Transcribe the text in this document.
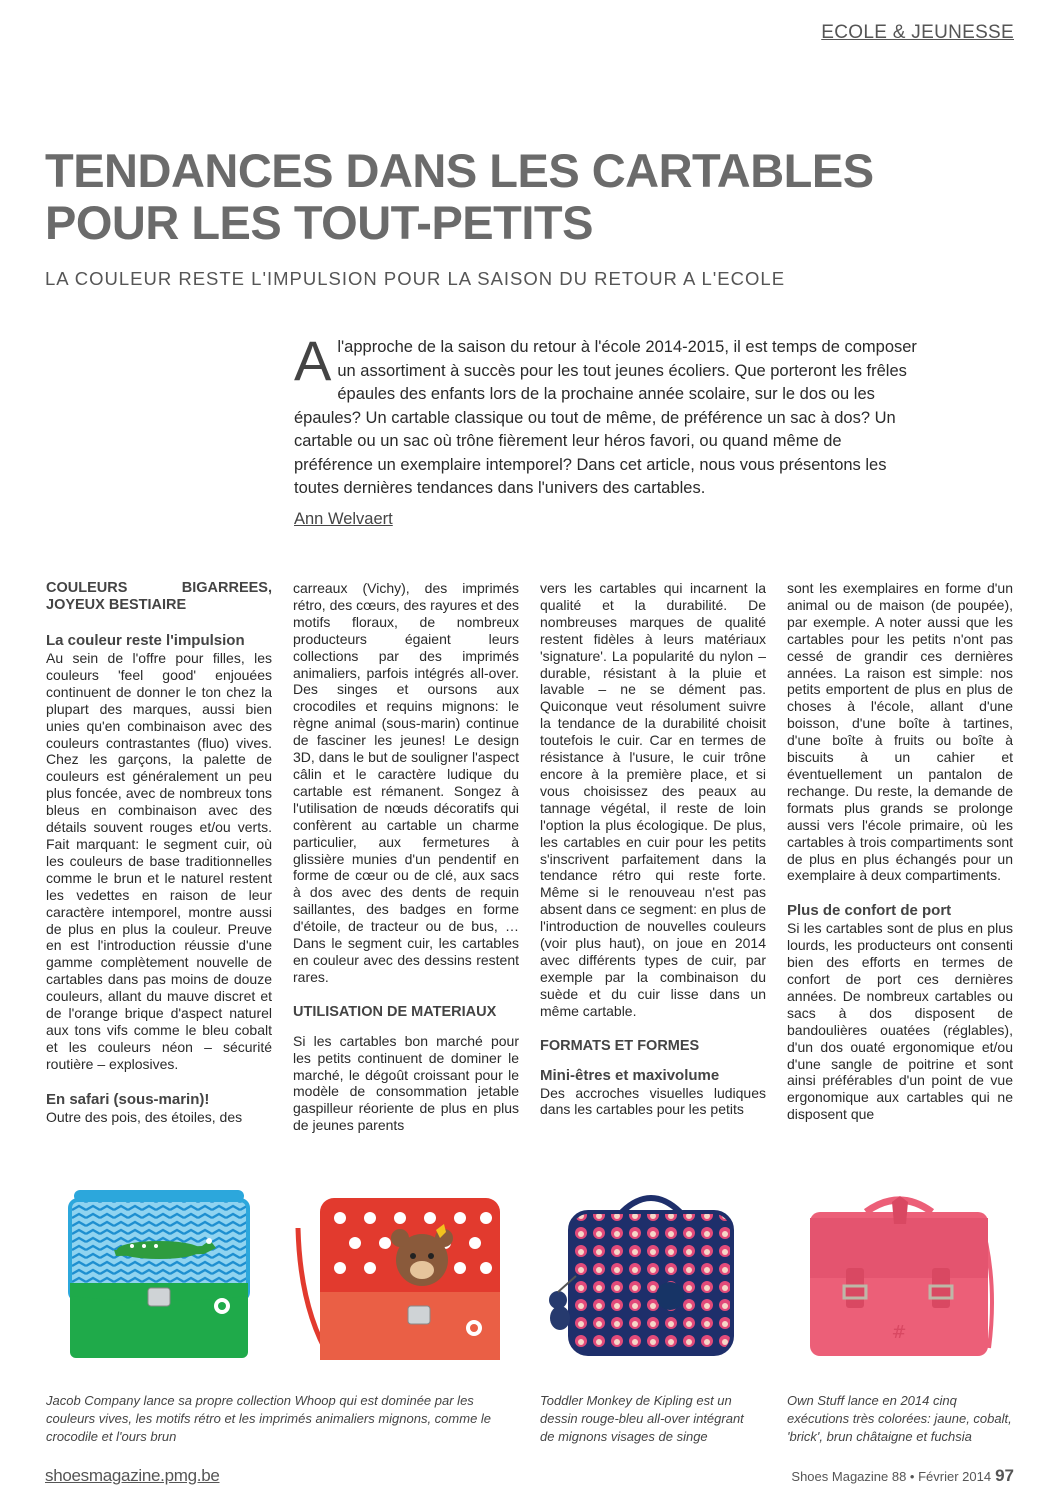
ECOLE & JEUNESSE
TENDANCES DANS LES CARTABLES
POUR LES TOUT-PETITS
LA COULEUR RESTE L'IMPULSION POUR LA SAISON DU RETOUR A L'ECOLE
A l'approche de la saison du retour à l'école 2014-2015, il est temps de composer un assortiment à succès pour les tout jeunes écoliers. Que porteront les frêles épaules des enfants lors de la prochaine année scolaire, sur le dos ou les épaules? Un cartable classique ou tout de même, de préférence un sac à dos? Un cartable ou un sac où trône fièrement leur héros favori, ou quand même de préférence un exemplaire intemporel? Dans cet article, nous vous présentons les toutes dernières tendances dans l'univers des cartables.
Ann Welvaert
COULEURS BIGARREES, JOYEUX BESTIAIRE
La couleur reste l'impulsion

Au sein de l'offre pour filles, les couleurs 'feel good' enjouées continuent de donner le ton chez la plupart des marques, aussi bien unies qu'en combinaison avec des couleurs contrastantes (fluo) vives. Chez les garçons, la palette de couleurs est généralement un peu plus foncée, avec de nombreux tons bleus en combinaison avec des détails souvent rouges et/ou verts. Fait marquant: le segment cuir, où les couleurs de base traditionnelles comme le brun et le naturel restent les vedettes en raison de leur caractère intemporel, montre aussi de plus en plus la couleur. Preuve en est l'introduction réussie d'une gamme complètement nouvelle de cartables dans pas moins de douze couleurs, allant du mauve discret et de l'orange brique d'aspect naturel aux tons vifs comme le bleu cobalt et les couleurs néon – sécurité routière – explosives.

En safari (sous-marin)!

Outre des pois, des étoiles, des

carreaux (Vichy), des imprimés rétro, des cœurs, des rayures et des motifs floraux, de nombreux producteurs égaient leurs collections par des imprimés animaliers, parfois intégrés all-over. Des singes et oursons aux crocodiles et requins mignons: le règne animal (sous-marin) continue de fasciner les jeunes! Le design 3D, dans le but de souligner l'aspect câlin et le caractère ludique du cartable est rémanent. Songez à l'utilisation de nœuds décoratifs qui confèrent au cartable un charme particulier, aux fermetures à glissière munies d'un pendentif en forme de cœur ou de clé, aux sacs à dos avec des dents de requin saillantes, des badges en forme d'étoile, de tracteur ou de bus, … Dans le segment cuir, les cartables en couleur avec des dessins restent rares.

UTILISATION DE MATERIAUX

Si les cartables bon marché pour les petits continuent de dominer le marché, le dégoût croissant pour le modèle de consommation jetable gaspilleur réoriente de plus en plus de jeunes parents

vers les cartables qui incarnent la qualité et la durabilité. De nombreuses marques de qualité restent fidèles à leurs matériaux 'signature'. La popularité du nylon – durable, résistant à la pluie et lavable – ne se dément pas. Quiconque veut résolument suivre la tendance de la durabilité choisit toutefois le cuir. Car en termes de résistance à l'usure, le cuir trône encore à la première place, et si vous choisissez des peaux au tannage végétal, il reste de loin l'option la plus écologique. De plus, les cartables en cuir pour les petits s'inscrivent parfaitement dans la tendance rétro qui reste forte. Même si le renouveau n'est pas absent dans ce segment: en plus de l'introduction de nouvelles couleurs (voir plus haut), on joue en 2014 avec différents types de cuir, par exemple par la combinaison du suède et du cuir lisse dans un même cartable.

FORMATS ET FORMES
Mini-êtres et maxivolume

Des accroches visuelles ludiques dans les cartables pour les petits

sont les exemplaires en forme d'un animal ou de maison (de poupée), par exemple. A noter aussi que les cartables pour les petits n'ont pas cessé de grandir ces dernières années. La raison est simple: nos petits emportent de plus en plus de choses à l'école, allant d'une boisson, d'une boîte à tartines, d'une boîte à fruits ou boîte à biscuits à un cahier et éventuellement un pantalon de rechange. Du reste, la demande de formats plus grands se prolonge aussi vers l'école primaire, où les cartables à trois compartiments sont de plus en plus échangés pour un exemplaire à deux compartiments.

Plus de confort de port

Si les cartables sont de plus en plus lourds, les producteurs ont consenti bien des efforts en termes de confort de port ces dernières années. De nombreux cartables ou sacs à dos disposent de bandoulières ouatées (réglables), d'un dos ouaté ergonomique et/ou d'une sangle de poitrine et sont ainsi préférables d'un point de vue ergonomique aux cartables qui ne disposent que

#
Jacob Company lance sa propre collection Whoop qui est dominée par les couleurs vives, les motifs rétro et les imprimés animaliers mignons, comme le crocodile et l'ours brun
Toddler Monkey de Kipling est un dessin rouge-bleu all-over intégrant de mignons visages de singe
Own Stuff lance en 2014 cinq exécutions très colorées: jaune, cobalt, 'brick', brun châtaigne et fuchsia
shoesmagazine.pmg.be	Shoes Magazine 88 • Février 2014 97
